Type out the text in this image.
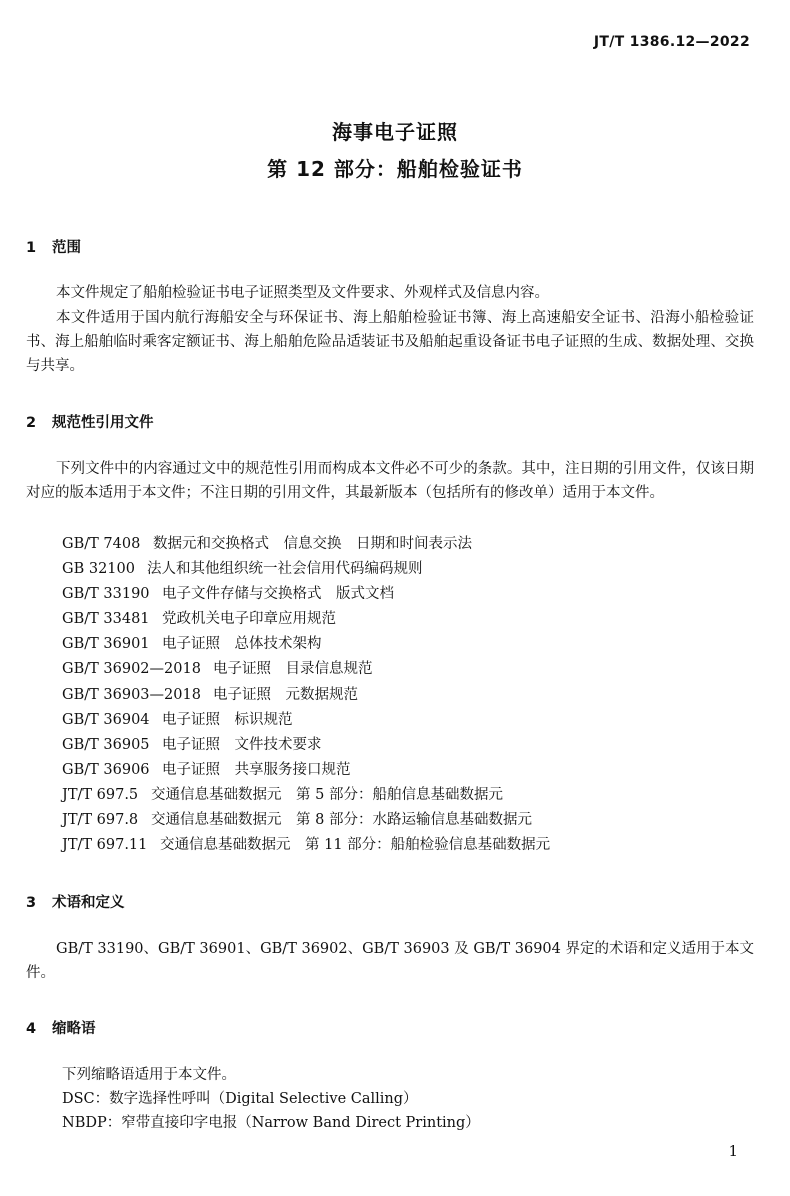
JT/T 1386.12—2022
海事电子证照
第 12 部分：船舶检验证书
1 范围
本文件规定了船舶检验证书电子证照类型及文件要求、外观样式及信息内容。
本文件适用于国内航行海船安全与环保证书、海上船舶检验证书簿、海上高速船安全证书、沿海小船检验证书、海上船舶临时乘客定额证书、海上船舶危险品适装证书及船舶起重设备证书电子证照的生成、数据处理、交换与共享。
2 规范性引用文件
下列文件中的内容通过文中的规范性引用而构成本文件必不可少的条款。其中，注日期的引用文件，仅该日期对应的版本适用于本文件；不注日期的引用文件，其最新版本（包括所有的修改单）适用于本文件。
GB/T 7408 数据元和交换格式　信息交换　日期和时间表示法
GB 32100 法人和其他组织统一社会信用代码编码规则
GB/T 33190 电子文件存储与交换格式　版式文档
GB/T 33481 党政机关电子印章应用规范
GB/T 36901 电子证照　总体技术架构
GB/T 36902—2018 电子证照　目录信息规范
GB/T 36903—2018 电子证照　元数据规范
GB/T 36904 电子证照　标识规范
GB/T 36905 电子证照　文件技术要求
GB/T 36906 电子证照　共享服务接口规范
JT/T 697.5 交通信息基础数据元　第 5 部分：船舶信息基础数据元
JT/T 697.8 交通信息基础数据元　第 8 部分：水路运输信息基础数据元
JT/T 697.11 交通信息基础数据元　第 11 部分：船舶检验信息基础数据元
3 术语和定义
GB/T 33190、GB/T 36901、GB/T 36902、GB/T 36903 及 GB/T 36904 界定的术语和定义适用于本文件。
4 缩略语
下列缩略语适用于本文件。
DSC：数字选择性呼叫（Digital Selective Calling）
NBDP：窄带直接印字电报（Narrow Band Direct Printing）
1
